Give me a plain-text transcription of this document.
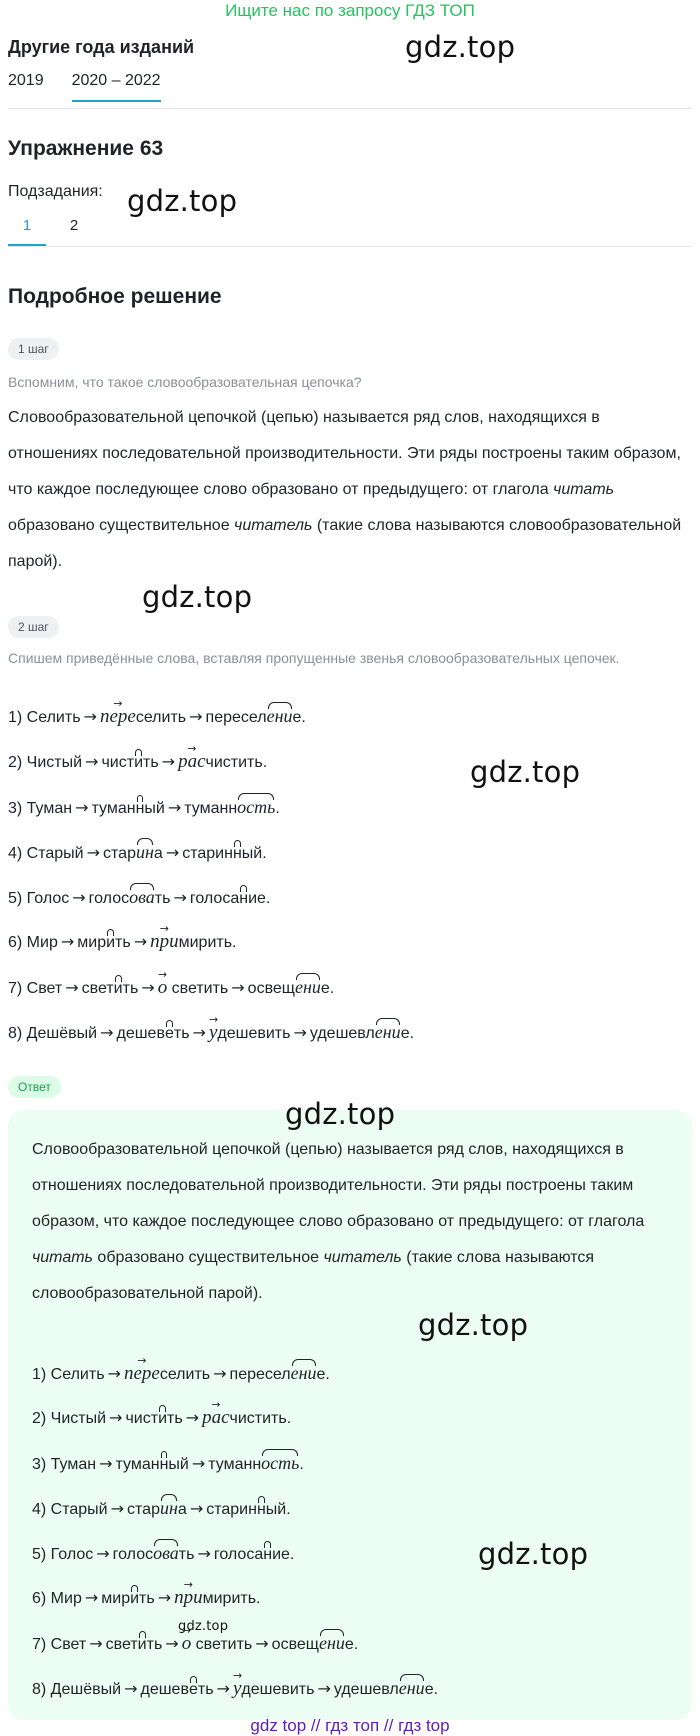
Ищите нас по запросу ГДЗ ТОП
Другие года изданий	gdz.top
2019 2020 – 2022
Упражнение 63
Подзадания: gdz.top
1	2
Подробное решение
1 шаг
Вспомним, что такое словообразовательная цепочка?
Словообразовательной цепочкой (цепью) называется ряд слов, находящихся в отношениях последовательной производительности. Эти ряды построены таким образом, что каждое последующее слово образовано от предыдущего: от глагола читать образовано существительное читатель (такие слова называются словообразовательной парой).
gdz.top
2 шаг
Спишем приведённые слова, вставляя пропущенные звенья словообразовательных цепочек.
1) Селить → → переселить → переселение.
2) Чистый → чистить → → расчистить.	gdz.top
3) Туман → туманный → туманность.
4) Старый → старина → старинный.
5) Голос → голосовать → голосание.
6) Мир → мирить → → примирить.
7) Свет → светить → → о светить → освещение.
8) Дешёвый → дешеветь → → удешевить → удешевление.
Ответ
gdz.top
Словообразовательной цепочкой (цепью) называется ряд слов, находящихся в отношениях последовательной производительности. Эти ряды построены таким образом, что каждое последующее слово образовано от предыдущего: от глагола читать образовано существительное читатель (такие слова называются словообразовательной парой).
gdz.top
1) Селить → → переселить → переселение.
2) Чистый → чистить → → расчистить.
3) Туман → туманный → туманность.
4) Старый → старина → старинный.
5) Голос → голосовать → голосание.	gdz.top
6) Мир → мирить → → примирить.
gdz.top
7) Свет → светить → → о светить → освещение.
8) Дешёвый → дешеветь → → удешевить → удешевление.
gdz top // гдз топ // гдз top
